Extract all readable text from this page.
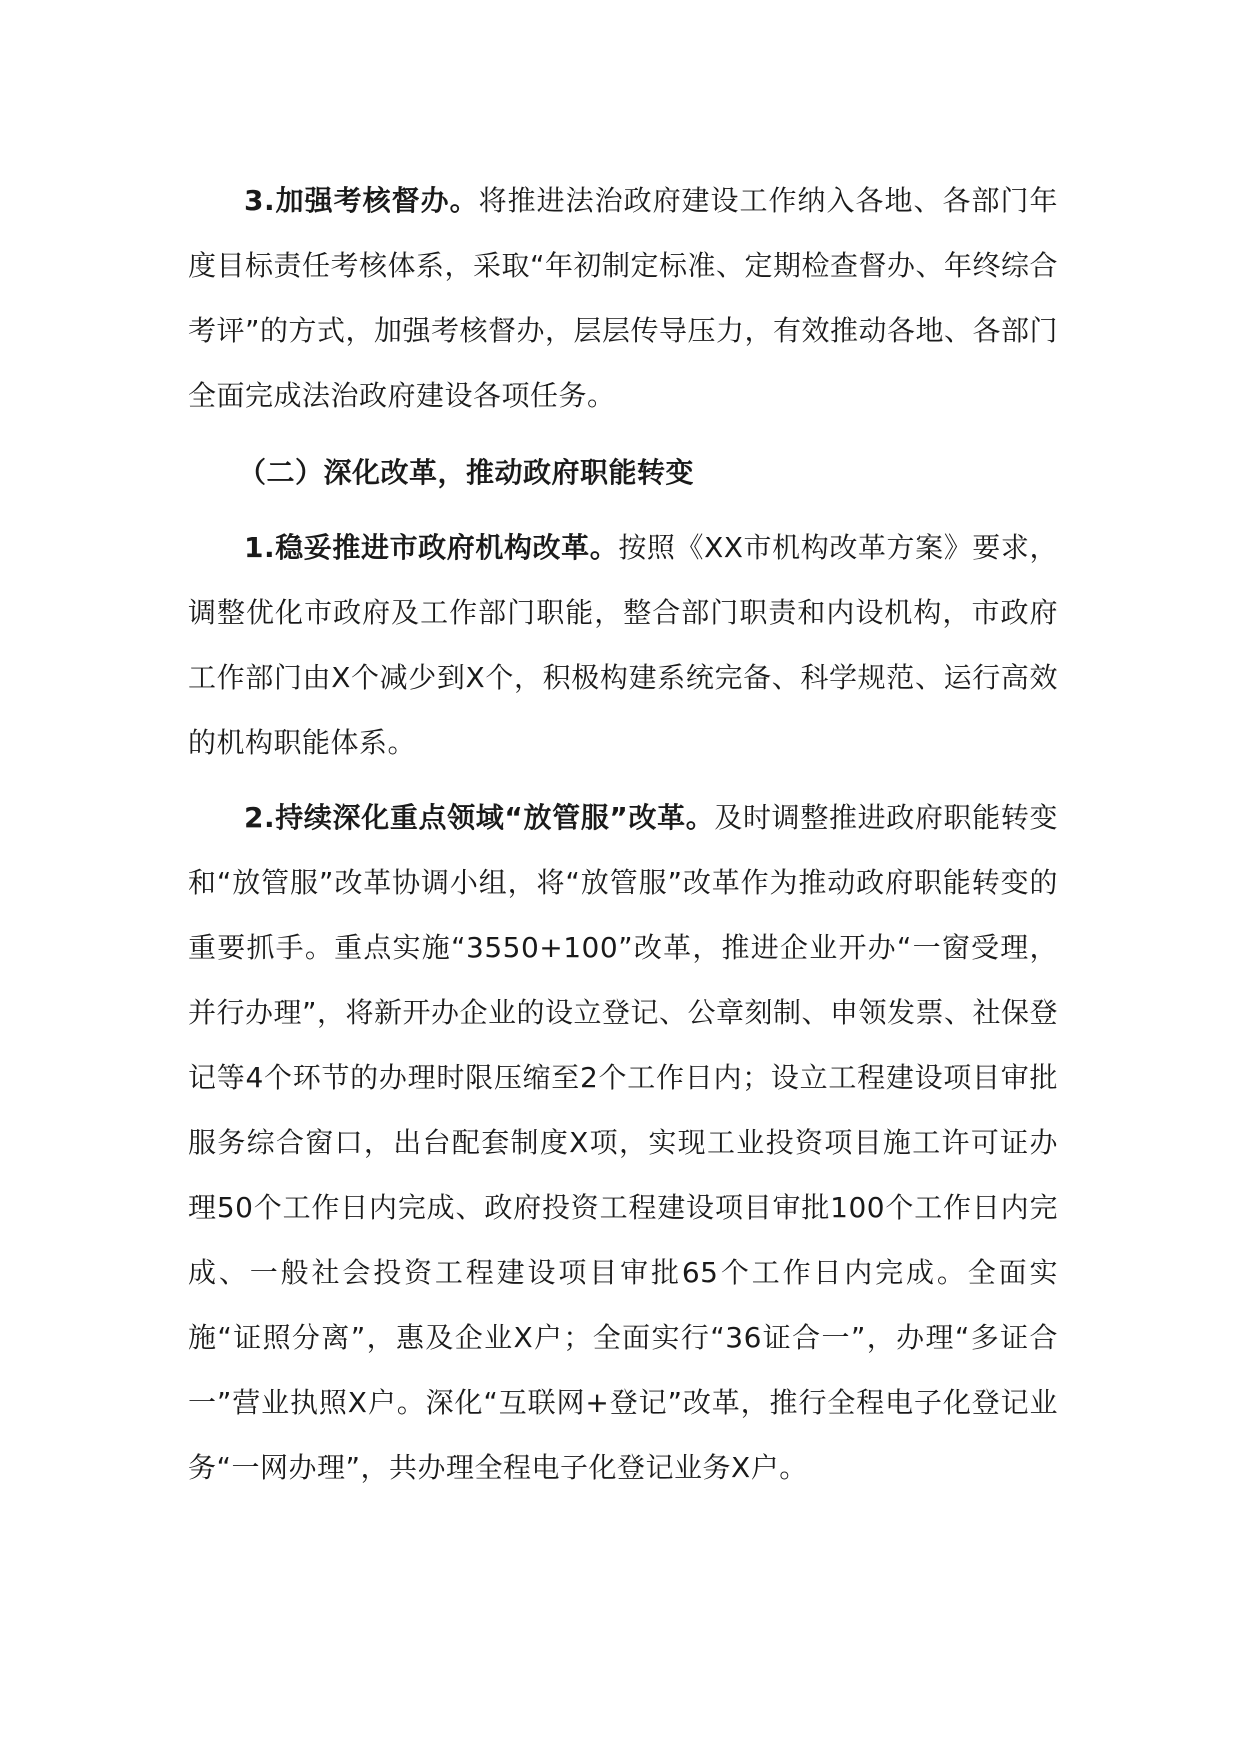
3.加强考核督办。将推进法治政府建设工作纳入各地、各部门年度目标责任考核体系，采取“年初制定标准、定期检查督办、年终综合考评”的方式，加强考核督办，层层传导压力，有效推动各地、各部门全面完成法治政府建设各项任务。

（二）深化改革，推动政府职能转变

1.稳妥推进市政府机构改革。按照《XX市机构改革方案》要求，调整优化市政府及工作部门职能，整合部门职责和内设机构，市政府工作部门由X个减少到X个，积极构建系统完备、科学规范、运行高效的机构职能体系。

2.持续深化重点领域“放管服”改革。及时调整推进政府职能转变和“放管服”改革协调小组，将“放管服”改革作为推动政府职能转变的重要抓手。重点实施“3550+100”改革，推进企业开办“一窗受理，并行办理”，将新开办企业的设立登记、公章刻制、申领发票、社保登记等4个环节的办理时限压缩至2个工作日内；设立工程建设项目审批服务综合窗口，出台配套制度X项，实现工业投资项目施工许可证办理50个工作日内完成、政府投资工程建设项目审批100个工作日内完成、一般社会投资工程建设项目审批65个工作日内完成。全面实施“证照分离”，惠及企业X户；全面实行“36证合一”，办理“多证合一”营业执照X户。深化“互联网+登记”改革，推行全程电子化登记业务“一网办理”，共办理全程电子化登记业务X户。
